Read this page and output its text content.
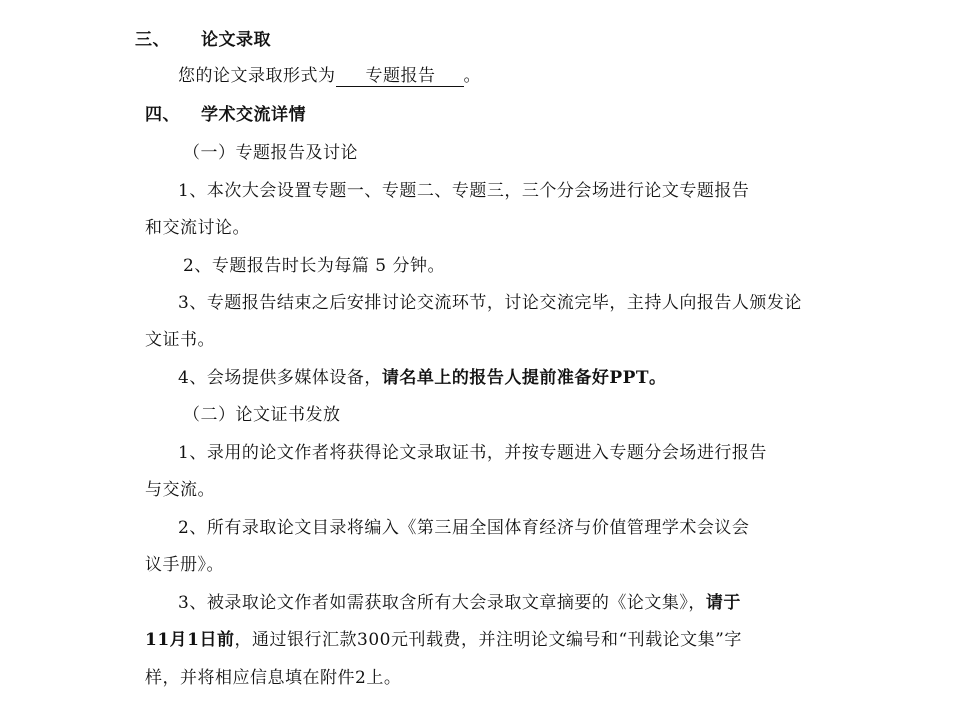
三、 论文录取
您的论文录取形式为 专题报告 。
四、 学术交流详情
（一）专题报告及讨论
1、本次大会设置专题一、专题二、专题三，三个分会场进行论文专题报告
和交流讨论。
2、专题报告时长为每篇 5 分钟。
3、专题报告结束之后安排讨论交流环节，讨论交流完毕，主持人向报告人颁发论
文证书。
4、会场提供多媒体设备，请名单上的报告人提前准备好PPT。
（二）论文证书发放
1、录用的论文作者将获得论文录取证书，并按专题进入专题分会场进行报告
与交流。
2、所有录取论文目录将编入《第三届全国体育经济与价值管理学术会议会
议手册》。
3、被录取论文作者如需获取含所有大会录取文章摘要的《论文集》，请于
11月1日前，通过银行汇款300元刊载费，并注明论文编号和“刊载论文集”字
样，并将相应信息填在附件2上。
